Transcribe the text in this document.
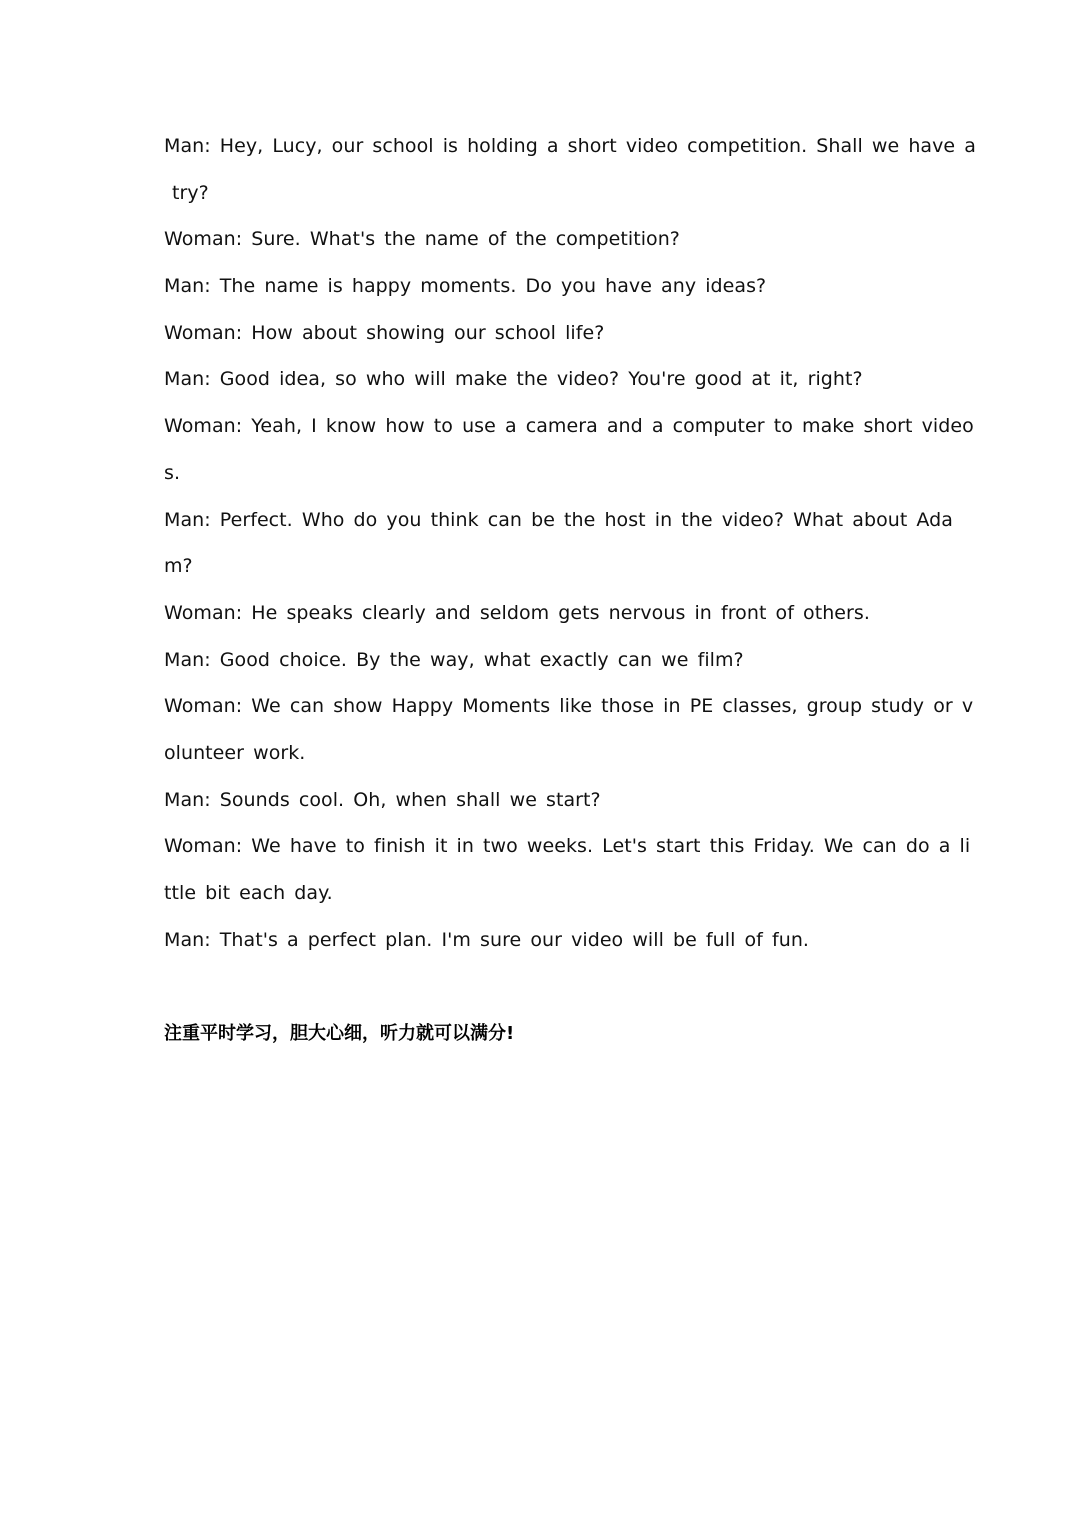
Man: Hey, Lucy, our school is holding a short video competition. Shall we have a
try?
Woman: Sure. What's the name of the competition?
Man: The name is happy moments. Do you have any ideas?
Woman: How about showing our school life?
Man: Good idea, so who will make the video? You're good at it, right?
Woman: Yeah, I know how to use a camera and a computer to make short video
s.
Man: Perfect. Who do you think can be the host in the video? What about Ada
m?
Woman: He speaks clearly and seldom gets nervous in front of others.
Man: Good choice. By the way, what exactly can we film?
Woman: We can show Happy Moments like those in PE classes, group study or v
olunteer work.
Man: Sounds cool. Oh, when shall we start?
Woman: We have to finish it in two weeks. Let's start this Friday. We can do a li
ttle bit each day.
Man: That's a perfect plan. I'm sure our video will be full of fun.
注重平时学习，胆大心细，听力就可以满分!
